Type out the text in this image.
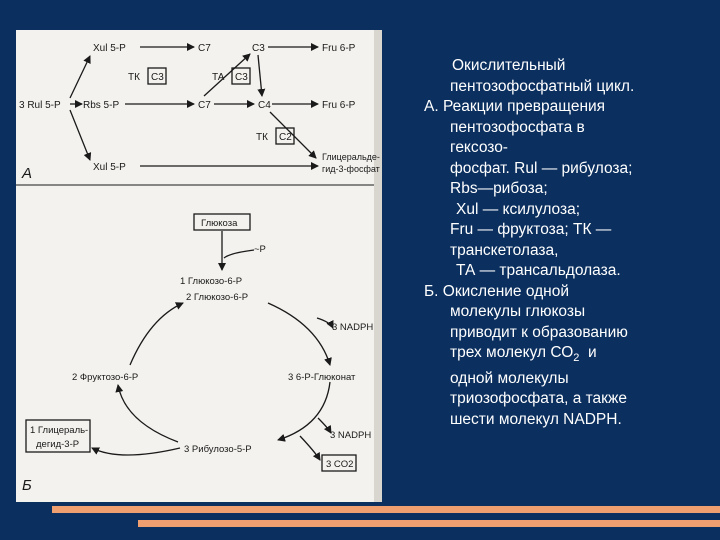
Xul 5-P
3 Rul 5-P Rbs 5-P
Xul 5-P
C7
C7
C3
C4
Fru 6-P
Fru 6-P
Глицеральде-
гид-3-фосфат
ТК C3	ТА C3
ТК C2
А
Глюкоза
~P
1 Глюкозо-6-P
2 Глюкозо-6-P
3 NADPH
3 6-P-Глюконат
3 NADPH
3 CO2
3 Рибулозо-5-P
2 Фруктозо-6-P
1 Глицераль-
дегид-3-P
Б
Окислительный
пентозофосфатный цикл.
А. Реакции превращения
пентозофосфата в
гексозо-
фосфат. Rul — рибулоза;
Rbs—рибоза;
Xul — ксилулоза;
Fru — фруктоза; ТК —
транскетолаза,
ТА — трансальдолаза.
Б. Окисление одной
молекулы глюкозы
приводит к образованию
трех молекул $СО_2$  и
одной молекулы
триозофосфата, а также
шести молекул NADPH.
